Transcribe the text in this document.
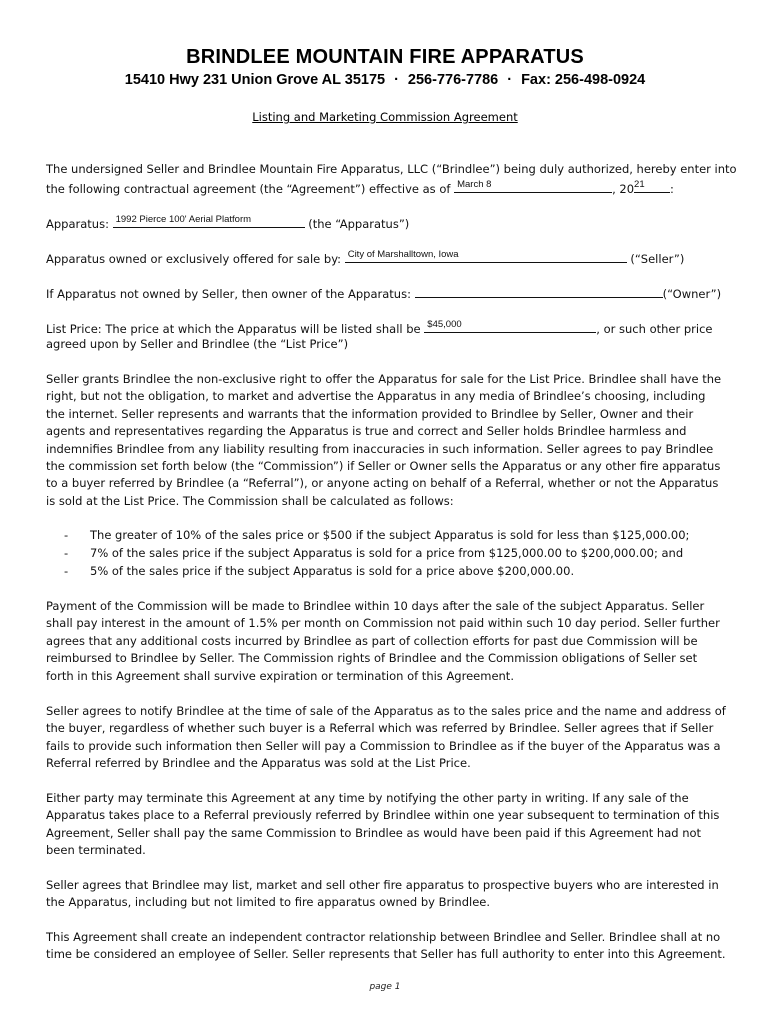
BRINDLEE MOUNTAIN FIRE APPARATUS
15410 Hwy 231 Union Grove AL 35175 · 256-776-7786 · Fax: 256-498-0924
Listing and Marketing Commission Agreement
The undersigned Seller and Brindlee Mountain Fire Apparatus, LLC (“Brindlee”) being duly authorized, hereby enter into
the following contractual agreement (the “Agreement”) effective as of March 8	, 20 21 :
Apparatus: 1992 Pierce 100' Aerial Platform	(the “Apparatus”)
Apparatus owned or exclusively offered for sale by: City of Marshalltown, Iowa	(“Seller”)
If Apparatus not owned by Seller, then owner of the Apparatus:	(“Owner”)
List Price: The price at which the Apparatus will be listed shall be $45,000	, or such other price
agreed upon by Seller and Brindlee (the “List Price”)
Seller grants Brindlee the non-exclusive right to offer the Apparatus for sale for the List Price. Brindlee shall have the right, but not the obligation, to market and advertise the Apparatus in any media of Brindlee’s choosing, including the internet. Seller represents and warrants that the information provided to Brindlee by Seller, Owner and their agents and representatives regarding the Apparatus is true and correct and Seller holds Brindlee harmless and indemnifies Brindlee from any liability resulting from inaccuracies in such information. Seller agrees to pay Brindlee the commission set forth below (the “Commission”) if Seller or Owner sells the Apparatus or any other fire apparatus to a buyer referred by Brindlee (a “Referral”), or anyone acting on behalf of a Referral, whether or not the Apparatus is sold at the List Price. The Commission shall be calculated as follows:
- The greater of 10% of the sales price or $500 if the subject Apparatus is sold for less than $125,000.00;
- 7% of the sales price if the subject Apparatus is sold for a price from $125,000.00 to $200,000.00; and
- 5% of the sales price if the subject Apparatus is sold for a price above $200,000.00.
Payment of the Commission will be made to Brindlee within 10 days after the sale of the subject Apparatus. Seller shall pay interest in the amount of 1.5% per month on Commission not paid within such 10 day period. Seller further agrees that any additional costs incurred by Brindlee as part of collection efforts for past due Commission will be reimbursed to Brindlee by Seller. The Commission rights of Brindlee and the Commission obligations of Seller set forth in this Agreement shall survive expiration or termination of this Agreement.
Seller agrees to notify Brindlee at the time of sale of the Apparatus as to the sales price and the name and address of the buyer, regardless of whether such buyer is a Referral which was referred by Brindlee. Seller agrees that if Seller fails to provide such information then Seller will pay a Commission to Brindlee as if the buyer of the Apparatus was a Referral referred by Brindlee and the Apparatus was sold at the List Price.
Either party may terminate this Agreement at any time by notifying the other party in writing. If any sale of the Apparatus takes place to a Referral previously referred by Brindlee within one year subsequent to termination of this Agreement, Seller shall pay the same Commission to Brindlee as would have been paid if this Agreement had not been terminated.
Seller agrees that Brindlee may list, market and sell other fire apparatus to prospective buyers who are interested in the Apparatus, including but not limited to fire apparatus owned by Brindlee.
This Agreement shall create an independent contractor relationship between Brindlee and Seller. Brindlee shall at no time be considered an employee of Seller. Seller represents that Seller has full authority to enter into this Agreement.
page 1
